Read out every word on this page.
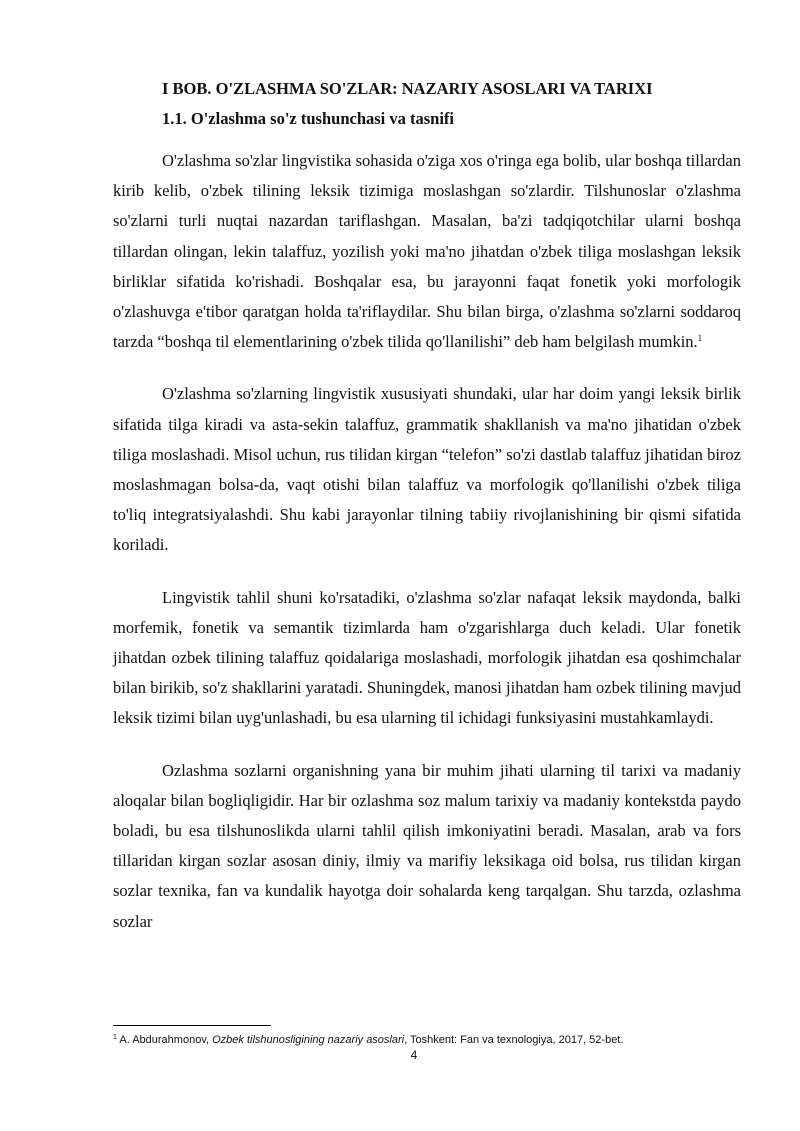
I BOB. O'ZLASHMA SO'ZLAR: NAZARIY ASOSLARI VA TARIXI
1.1. O'zlashma so'z tushunchasi va tasnifi

O'zlashma so'zlar lingvistika sohasida o'ziga xos o'ringa ega bolib, ular boshqa tillardan kirib kelib, o'zbek tilining leksik tizimiga moslashgan so'zlardir. Tilshunoslar o'zlashma so'zlarni turli nuqtai nazardan tariflashgan. Masalan, ba'zi tadqiqotchilar ularni boshqa tillardan olingan, lekin talaffuz, yozilish yoki ma'no jihatdan o'zbek tiliga moslashgan leksik birliklar sifatida ko'rishadi. Boshqalar esa, bu jarayonni faqat fonetik yoki morfologik o'zlashuvga e'tibor qaratgan holda ta'riflaydilar. Shu bilan birga, o'zlashma so'zlarni soddaroq tarzda “boshqa til elementlarining o'zbek tilida qo'llanilishi” deb ham belgilash mumkin.$^1$

O'zlashma so'zlarning lingvistik xususiyati shundaki, ular har doim yangi leksik birlik sifatida tilga kiradi va asta-sekin talaffuz, grammatik shakllanish va ma'no jihatidan o'zbek tiliga moslashadi. Misol uchun, rus tilidan kirgan “telefon” so'zi dastlab talaffuz jihatidan biroz moslashmagan bolsa-da, vaqt otishi bilan talaffuz va morfologik qo'llanilishi o'zbek tiliga to'liq integratsiyalashdi. Shu kabi jarayonlar tilning tabiiy rivojlanishining bir qismi sifatida koriladi.

Lingvistik tahlil shuni ko'rsatadiki, o'zlashma so'zlar nafaqat leksik maydonda, balki morfemik, fonetik va semantik tizimlarda ham o'zgarishlarga duch keladi. Ular fonetik jihatdan ozbek tilining talaffuz qoidalariga moslashadi, morfologik jihatdan esa qoshimchalar bilan birikib, so'z shakllarini yaratadi. Shuningdek, manosi jihatdan ham ozbek tilining mavjud leksik tizimi bilan uyg'unlashadi, bu esa ularning til ichidagi funksiyasini mustahkamlaydi.

Ozlashma sozlarni organishning yana bir muhim jihati ularning til tarixi va madaniy aloqalar bilan bogliqligidir. Har bir ozlashma soz malum tarixiy va madaniy kontekstda paydo boladi, bu esa tilshunoslikda ularni tahlil qilish imkoniyatini beradi. Masalan, arab va fors tillaridan kirgan sozlar asosan diniy, ilmiy va marifiy leksikaga oid bolsa, rus tilidan kirgan sozlar texnika, fan va kundalik hayotga doir sohalarda keng tarqalgan. Shu tarzda, ozlashma sozlar

$^1$ A. Abdurahmonov, Ozbek tilshunosligining nazariy asoslari, Toshkent: Fan va texnologiya, 2017, 52-bet.
4
